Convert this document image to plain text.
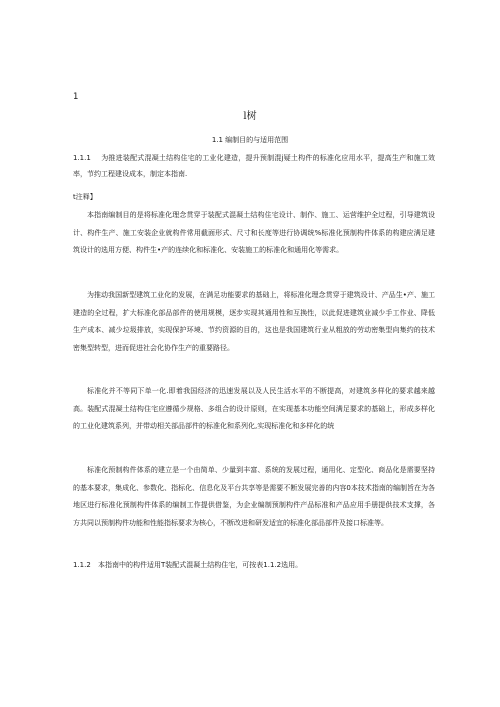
1
l树
1.1 编制目的与适用范围
1.1.1 为推进装配式混凝土结构住宅的工业化建造，提升预制混j疑土构件的标准化应用水平，提高生产和施工效率，节约工程建设成本，制定本指南.
t注释】
本指南编制目的是将标准化理念贯穿于装配式混凝土结构住宅设计、制作、施工、运营维护全过程，引导建筑设计、构件生产、施工安装企业就构件常用截面形式、尺寸和长度等进行协调统%标准化预制构件体系的构建应满足建筑设计的选用方便、构件生•产的连续化和标准化、安装施工的标准化和通用化等需求。
为推动我国新型建筑工业化的发展，在满足功能要求的基础上，将标准化理念贯穿于建筑设计、产品生•产、施工建造的全过程，扩大标准化部品部件的使用规模，逐步实现其通用性和互换性，以此促进建筑业减少手工作业、降低生产成本、减少垃圾排放，实现保护环境、节约资源的目的，这也是我国建筑行业从粗放的劳动密集型向集约的技术密集型转型，进而促进社会化协作生产的重要路径。
标准化并不等同下单一化.即着我国经济的迅速发展以及人民生活水平的不断提高，对建筑多样化的要求越来越高。装配式混凝土结构住宅应遵循少规格、多组合的设计原则，在实现基本功能空间满足要求的基础上，形成多样化的工业化建筑系列，并带动相关部品部件的标准化和系列化,实现标准化和多样化的统
标准化预制构件体系的建立是一个由简单、少量到丰富、系统的发展过程，通用化、定型化、商品化是需要坚持的基本要求，集成化、参数化、指标化、信息化及平台共享等是需要不断发展完善的内容0本技术指南的编制旨在为各地区进行标准化预制构件体系的编制工作提供借鉴，为企业编制预制构件产品标准和产品应用手册提供技术支撑，各方共同以预制构件功能和性能指标要求为核心，不断改进和研发适宜的标准化部品部件及接口标准等。
1.1.2 本指南中的构件适用T装配式混凝土结构住宅，可按表1.1.2选用。
